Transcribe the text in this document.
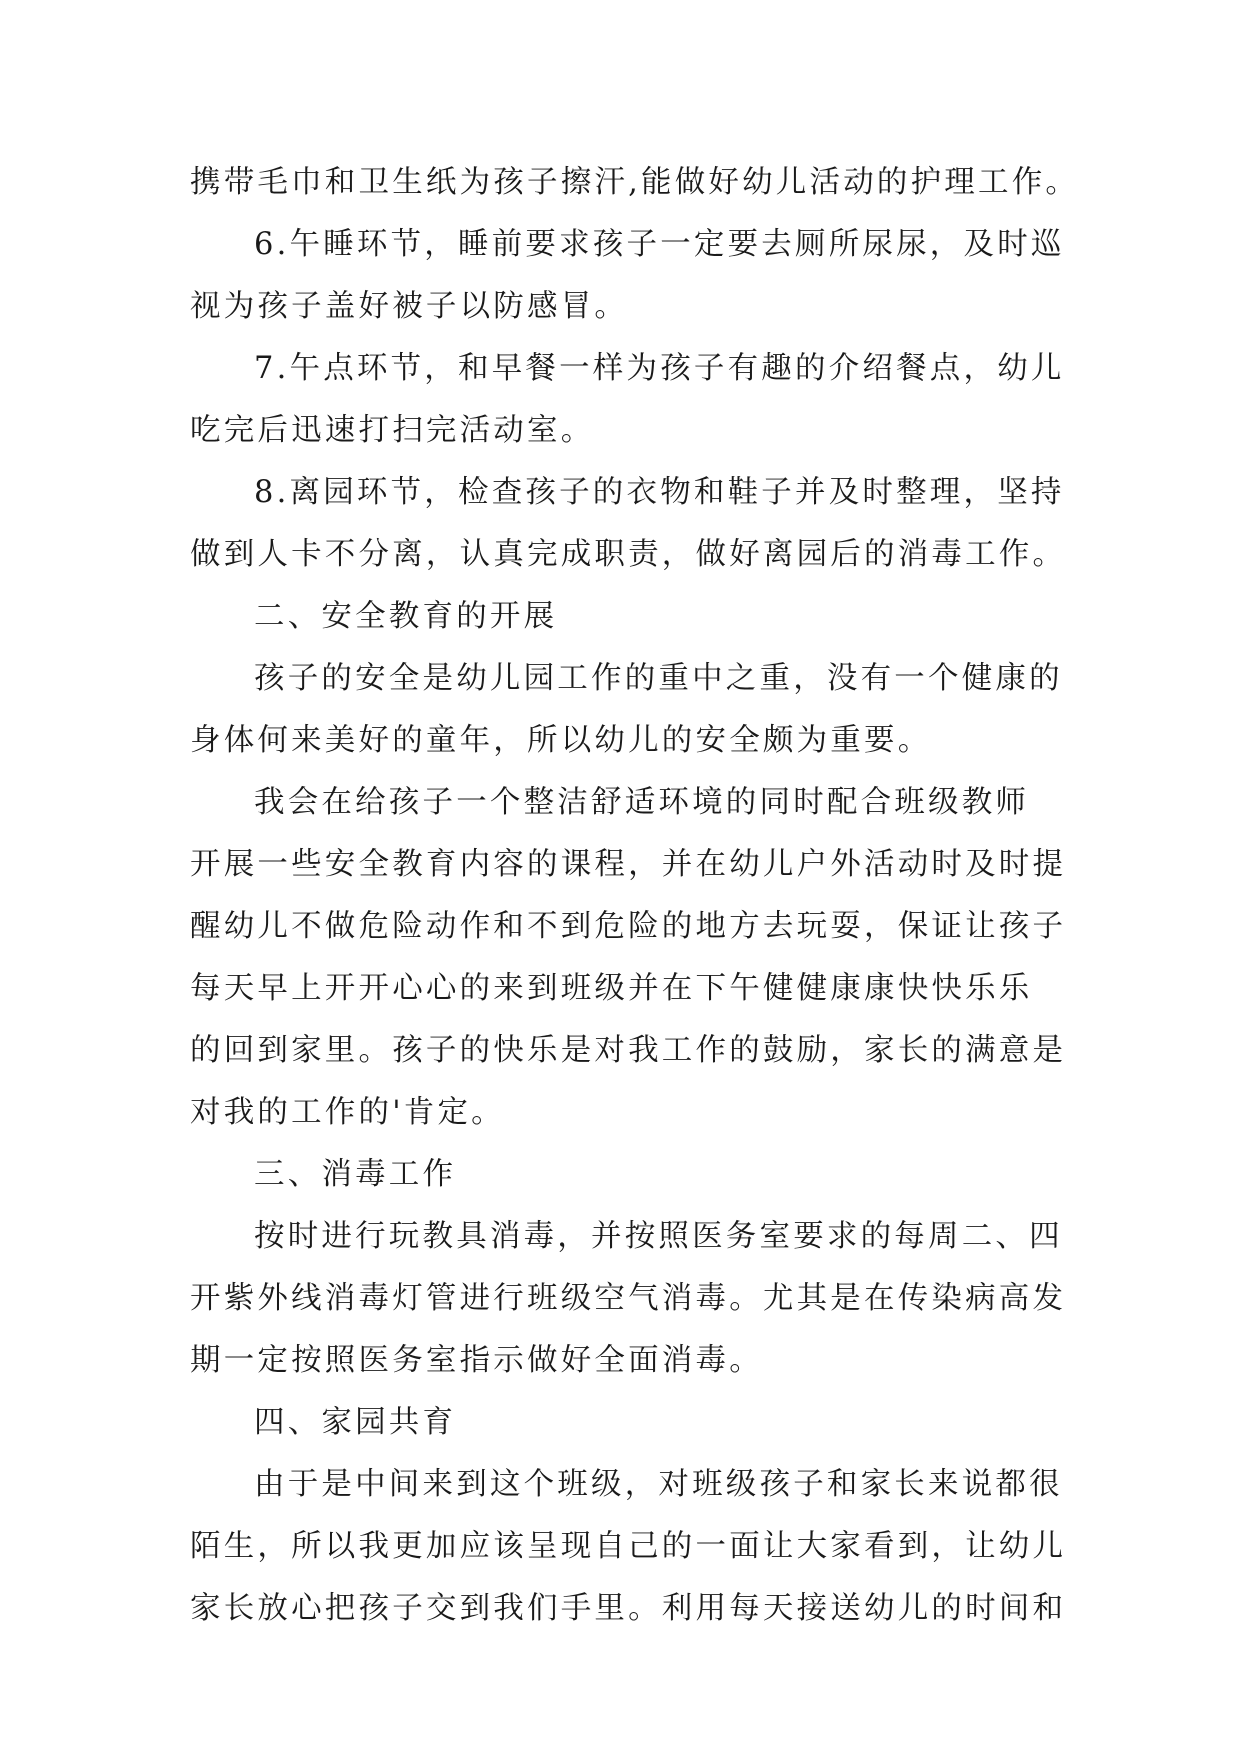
携带毛巾和卫生纸为孩子擦汗,能做好幼儿活动的护理工作。
6.午睡环节，睡前要求孩子一定要去厕所尿尿，及时巡
视为孩子盖好被子以防感冒。
7.午点环节，和早餐一样为孩子有趣的介绍餐点，幼儿
吃完后迅速打扫完活动室。
8.离园环节，检查孩子的衣物和鞋子并及时整理，坚持
做到人卡不分离，认真完成职责，做好离园后的消毒工作。
二、安全教育的开展
孩子的安全是幼儿园工作的重中之重，没有一个健康的
身体何来美好的童年，所以幼儿的安全颇为重要。
我会在给孩子一个整洁舒适环境的同时配合班级教师
开展一些安全教育内容的课程，并在幼儿户外活动时及时提
醒幼儿不做危险动作和不到危险的地方去玩耍，保证让孩子
每天早上开开心心的来到班级并在下午健健康康快快乐乐
的回到家里。孩子的快乐是对我工作的鼓励，家长的满意是
对我的工作的'肯定。
三、消毒工作
按时进行玩教具消毒，并按照医务室要求的每周二、四
开紫外线消毒灯管进行班级空气消毒。尤其是在传染病高发
期一定按照医务室指示做好全面消毒。
四、家园共育
由于是中间来到这个班级，对班级孩子和家长来说都很
陌生，所以我更加应该呈现自己的一面让大家看到，让幼儿
家长放心把孩子交到我们手里。利用每天接送幼儿的时间和
